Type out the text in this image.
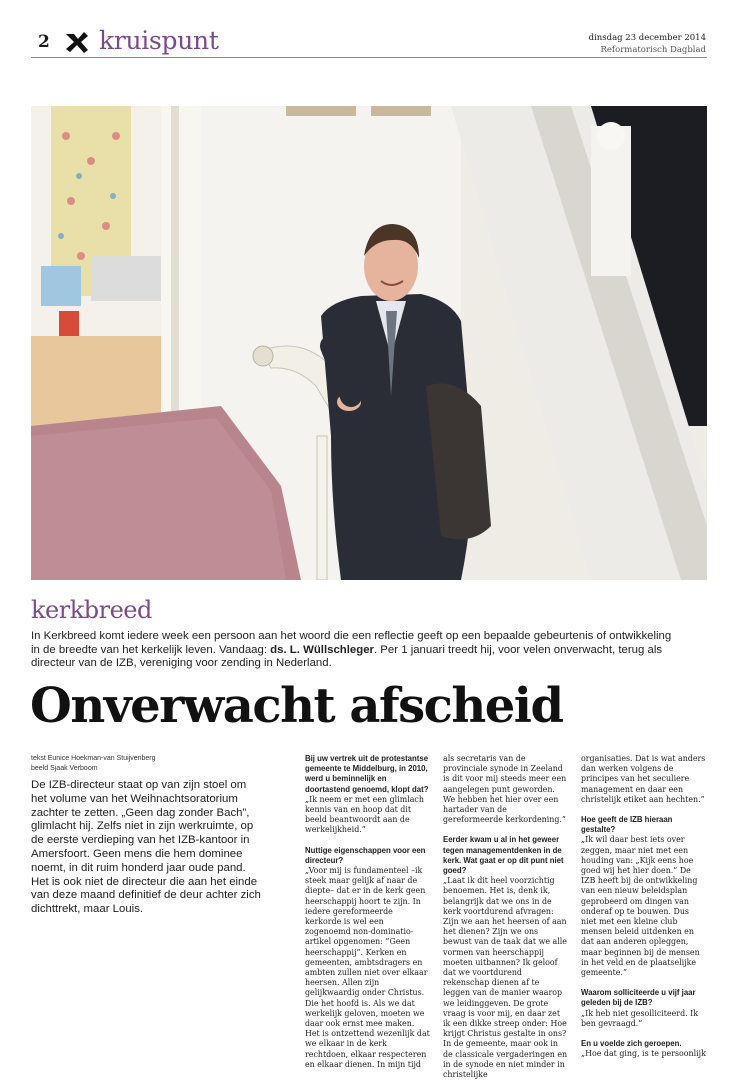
2 kruispunt	dinsdag 23 december 2014
Reformatorisch Dagblad
kerkbreed
In Kerkbreed komt iedere week een persoon aan het woord die een reflectie geeft op een bepaalde gebeurtenis of ontwikkeling in de breedte van het kerkelijk leven. Vandaag: ds. L. Wüllschleger. Per 1 januari treedt hij, voor velen onverwacht, terug als directeur van de IZB, vereniging voor zending in Nederland.
Onverwacht afscheid
tekst Eunice Hoekman-van Stuijvenberg
beeld Sjaak Verboom
De IZB-directeur staat op van zijn stoel om het volume van het Weihnachtsoratorium zachter te zetten. „Geen dag zonder Bach”, glimlacht hij. Zelfs niet in zijn werkruimte, op de eerste verdieping van het IZB-kantoor in Amersfoort. Geen mens die hem dominee noemt, in dit ruim honderd jaar oude pand. Het is ook niet de directeur die aan het einde van deze maand definitief de deur achter zich dichttrekt, maar Louis.

Bij uw vertrek uit de protestantse gemeente te Middelburg, in 2010, werd u beminnelijk en doortastend genoemd, klopt dat?

„Ik neem er met een glimlach kennis van en hoop dat dit beeld beantwoordt aan de werkelijkheid.”

Nuttige eigenschappen voor een directeur?

„Voor mij is fundamenteel –ik steek maar gelijk af naar de diepte– dat er in de kerk geen heerschappij hoort te zijn. In iedere gereformeerde kerkorde is wel een zogenoemd non-dominatio-artikel opgenomen: ”Geen heerschappij”. Kerken en gemeenten, ambtsdragers en ambten zullen niet over elkaar heersen. Allen zijn gelijkwaardig onder Christus. Die het hoofd is. Als we dat werkelijk geloven, moeten we daar ook ernst mee maken. Het is ontzettend wezenlijk dat we elkaar in de kerk rechtdoen, elkaar respecteren en elkaar dienen. In mijn tijd

als secretaris van de provinciale synode in Zeeland is dit voor mij steeds meer een aangelegen punt geworden. We hebben het hier over een hartader van de gereformeerde kerkordening.”

Eerder kwam u al in het geweer tegen managementdenken in de kerk. Wat gaat er op dit punt niet goed?

„Laat ik dit heel voorzichtig benoemen. Het is, denk ik, belangrijk dat we ons in de kerk voortdurend afvragen: Zijn we aan het heersen of aan het dienen? Zijn we ons bewust van de taak dat we alle vormen van heerschappij moeten uitbannen? Ik geloof dat we voortdurend rekenschap dienen af te leggen van de manier waarop we leidinggeven. De grote vraag is voor mij, en daar zet ik een dikke streep onder: Hoe krijgt Christus gestalte in ons? In de gemeente, maar ook in de classicale vergaderingen en in de synode en niet minder in christelijke

organisaties. Dat is wat anders dan werken volgens de principes van het seculiere management en daar een christelijk etiket aan hechten.”

Hoe geeft de IZB hieraan gestalte?

„Ik wil daar best iets over zeggen, maar niet met een houding van: „Kijk eens hoe goed wij het hier doen.” De IZB heeft bij de ontwikkeling van een nieuw beleidsplan geprobeerd om dingen van onderaf op te bouwen. Dus niet met een kleine club mensen beleid uitdenken en dat aan anderen opleggen, maar beginnen bij de mensen in het veld en de plaatselijke gemeente.”

Waarom solliciteerde u vijf jaar geleden bij de IZB?

„Ik heb niet gesolliciteerd. Ik ben gevraagd.”

En u voelde zich geroepen.

„Hoe dat ging, is te persoonlijk
